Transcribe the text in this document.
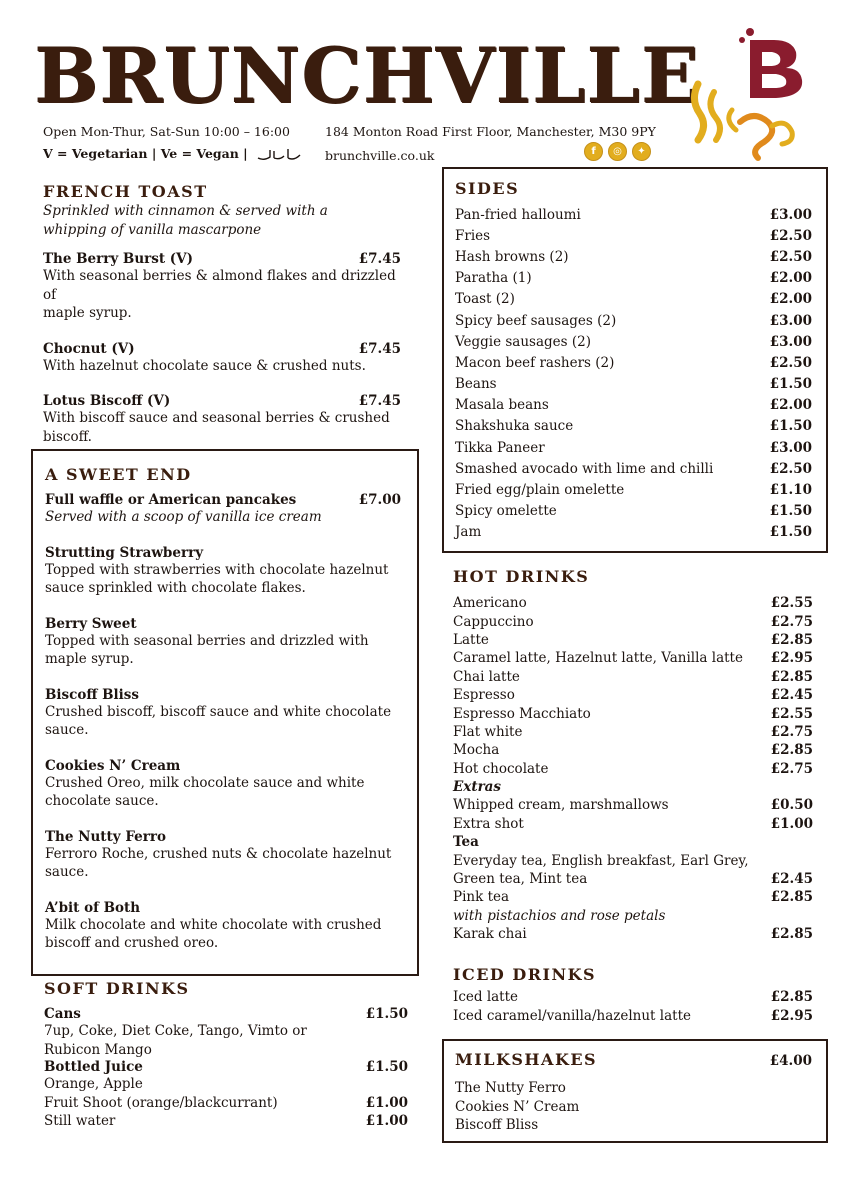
BRUNCHVILLE
Open Mon-Thur, Sat-Sun 10:00 – 16:00
V = Vegetarian | Ve = Vegan |
184 Monton Road First Floor, Manchester, M30 9PY
brunchville.co.uk	f	◎	✦
FRENCH TOAST
Sprinkled with cinnamon & served with a
whipping of vanilla mascarpone
The Berry Burst (V)	£7.45
With seasonal berries & almond flakes and drizzled of
maple syrup.
Chocnut (V)	£7.45
With hazelnut chocolate sauce & crushed nuts.
Lotus Biscoff (V)	£7.45
With biscoff sauce and seasonal berries & crushed
biscoff.
A SWEET END
Full waffle or American pancakes	£7.00
Served with a scoop of vanilla ice cream
Strutting Strawberry
Topped with strawberries with chocolate hazelnut
sauce sprinkled with chocolate flakes.
Berry Sweet
Topped with seasonal berries and drizzled with
maple syrup.
Biscoff Bliss
Crushed biscoff, biscoff sauce and white chocolate
sauce.
Cookies N’ Cream
Crushed Oreo, milk chocolate sauce and white
chocolate sauce.
The Nutty Ferro
Ferroro Roche, crushed nuts & chocolate hazelnut
sauce.
A’bit of Both
Milk chocolate and white chocolate with crushed
biscoff and crushed oreo.
SOFT DRINKS
Cans	£1.50
7up, Coke, Diet Coke, Tango, Vimto or
Rubicon Mango
Bottled Juice	£1.50
Orange, Apple
Fruit Shoot (orange/blackcurrant)	£1.00
Still water	£1.00
SIDES
Pan-fried halloumi	£3.00
Fries	£2.50
Hash browns (2)	£2.50
Paratha (1)	£2.00
Toast (2)	£2.00
Spicy beef sausages (2)	£3.00
Veggie sausages (2)	£3.00
Macon beef rashers (2)	£2.50
Beans	£1.50
Masala beans	£2.00
Shakshuka sauce	£1.50
Tikka Paneer	£3.00
Smashed avocado with lime and chilli	£2.50
Fried egg/plain omelette	£1.10
Spicy omelette	£1.50
Jam	£1.50
HOT DRINKS
Americano	£2.55
Cappuccino	£2.75
Latte	£2.85
Caramel latte, Hazelnut latte, Vanilla latte £2.95
Chai latte	£2.85
Espresso	£2.45
Espresso Macchiato	£2.55
Flat white	£2.75
Mocha	£2.85
Hot chocolate	£2.75
Extras
Whipped cream, marshmallows	£0.50
Extra shot	£1.00
Tea
Everyday tea, English breakfast, Earl Grey,
Green tea, Mint tea	£2.45
Pink tea	£2.85
with pistachios and rose petals
Karak chai	£2.85
ICED DRINKS
Iced latte	£2.85
Iced caramel/vanilla/hazelnut latte	£2.95
MILKSHAKES	£4.00
The Nutty Ferro
Cookies N’ Cream
Biscoff Bliss
